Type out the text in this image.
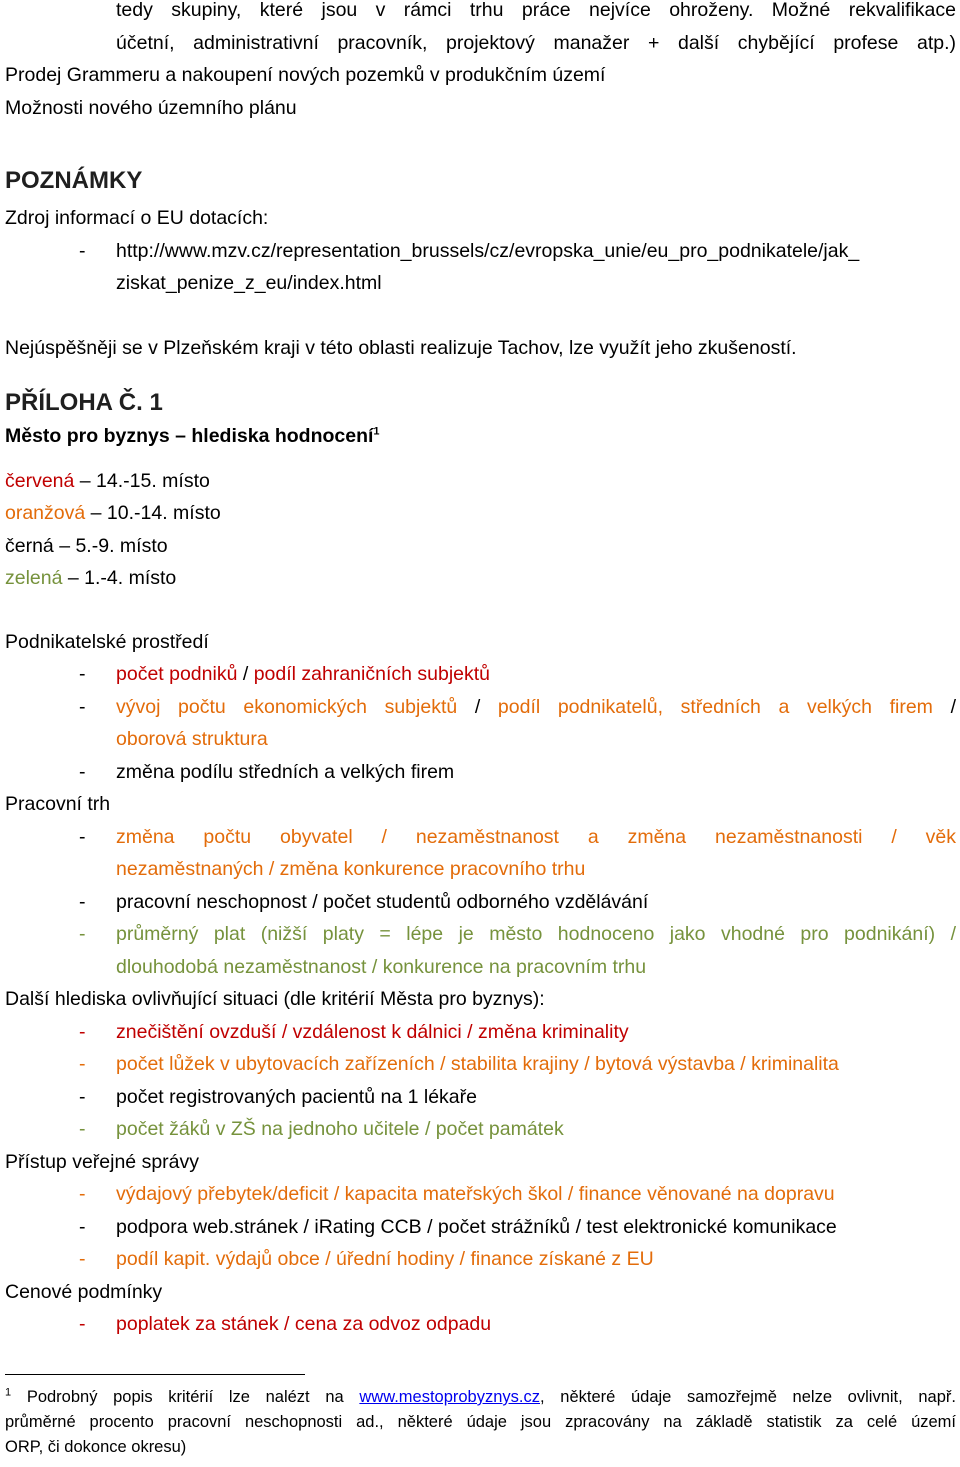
tedy skupiny, které jsou v rámci trhu práce nejvíce ohroženy. Možné rekvalifikace

účetní, administrativní pracovník, projektový manažer + další chybějící profese atp.)

Prodej Grammeru a nakoupení nových pozemků v produkčním území

Možnosti nového územního plánu

POZNÁMKY

Zdroj informací o EU dotacích:

- http://www.mzv.cz/representation_brussels/cz/evropska_unie/eu_pro_podnikatele/jak_

ziskat_penize_z_eu/index.html

Nejúspěšněji se v Plzeňském kraji v této oblasti realizuje Tachov, lze využít jeho zkušeností.

PŘÍLOHA Č. 1

Město pro byznys – hlediska hodnocení$^1$

červená – 14.-15. místo

oranžová – 10.-14. místo

černá – 5.-9. místo

zelená – 1.-4. místo

Podnikatelské prostředí

- počet podniků / podíl zahraničních subjektů

- vývoj počtu ekonomických subjektů / podíl podnikatelů, středních a velkých firem /

oborová struktura

- změna podílu středních a velkých firem

Pracovní trh

- změna počtu obyvatel / nezaměstnanost a změna nezaměstnanosti / věk

nezaměstnaných / změna konkurence pracovního trhu

- pracovní neschopnost / počet studentů odborného vzdělávání

- průměrný plat (nižší platy = lépe je město hodnoceno jako vhodné pro podnikání) /

dlouhodobá nezaměstnanost / konkurence na pracovním trhu

Další hlediska ovlivňující situaci (dle kritérií Města pro byznys):

- znečištění ovzduší / vzdálenost k dálnici / změna kriminality

- počet lůžek v ubytovacích zařízeních / stabilita krajiny / bytová výstavba / kriminalita

- počet registrovaných pacientů na 1 lékaře

- počet žáků v ZŠ na jednoho učitele / počet památek

Přístup veřejné správy

- výdajový přebytek/deficit / kapacita mateřských škol / finance věnované na dopravu

- podpora web.stránek / iRating CCB / počet strážníků / test elektronické komunikace

- podíl kapit. výdajů obce / úřední hodiny / finance získané z EU

Cenové podmínky

- poplatek za stánek / cena za odvoz odpadu

$^1$ Podrobný popis kritérií lze nalézt na www.mestoprobyznys.cz, některé údaje samozřejmě nelze ovlivnit, např.

průměrné procento pracovní neschopnosti ad., některé údaje jsou zpracovány na základě statistik za celé území

ORP, či dokonce okresu)
